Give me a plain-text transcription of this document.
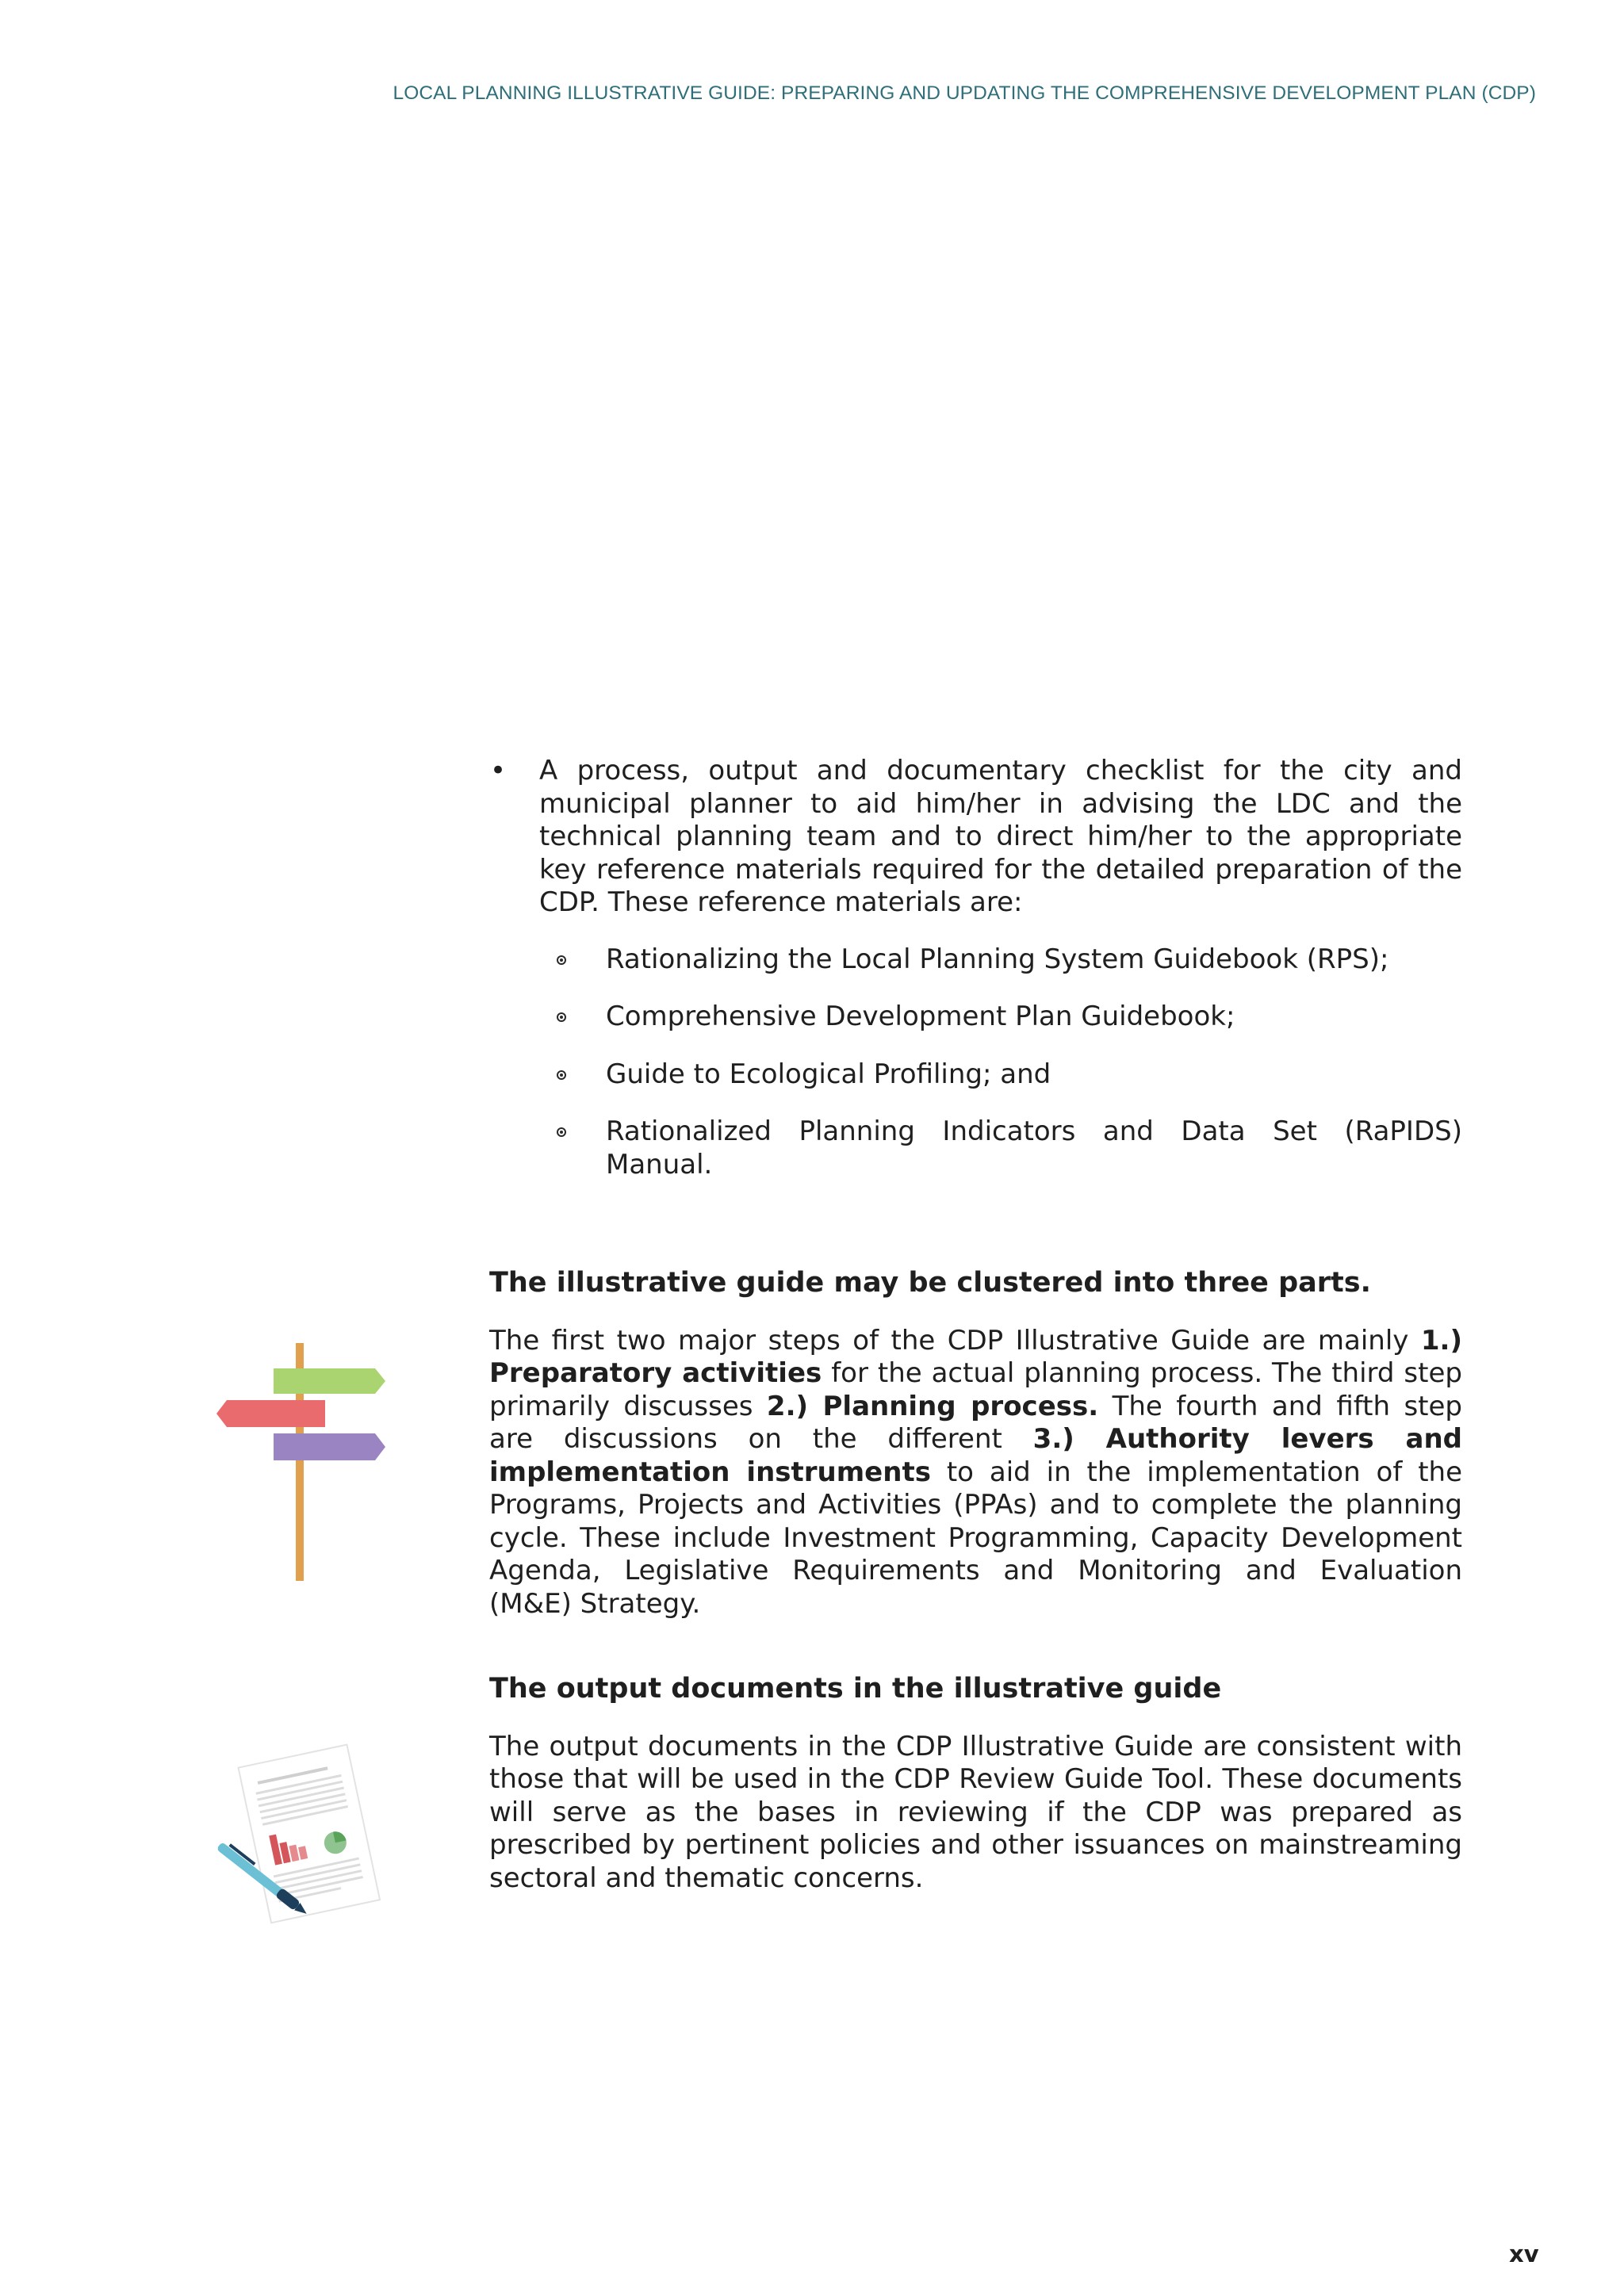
LOCAL PLANNING ILLUSTRATIVE GUIDE: PREPARING AND UPDATING THE COMPREHENSIVE DEVELOPMENT PLAN (CDP)
• A process, output and documentary checklist for the city and municipal planner to aid him/her in advising the LDC and the technical planning team and to direct him/her to the appropriate key reference materials required for the detailed preparation of the CDP. These reference materials are:

Rationalizing the Local Planning System Guidebook (RPS);

Comprehensive Development Plan Guidebook;

Guide to Ecological Profiling; and

Rationalized Planning Indicators and Data Set (RaPIDS) Manual.

The illustrative guide may be clustered into three parts.

The first two major steps of the CDP Illustrative Guide are mainly 1.) Preparatory activities for the actual planning process. The third step primarily discusses 2.) Planning process. The fourth and fifth step are discussions on the different 3.) Authority levers and implementation instruments to aid in the implementation of the Programs, Projects and Activities (PPAs) and to complete the planning cycle. These include Investment Programming, Capacity Development Agenda, Legislative Requirements and Monitoring and Evaluation (M&E) Strategy.

The output documents in the illustrative guide

The output documents in the CDP Illustrative Guide are consistent with those that will be used in the CDP Review Guide Tool. These documents will serve as the bases in reviewing if the CDP was prepared as prescribed by pertinent policies and other issuances on mainstreaming sectoral and thematic concerns.

xv
